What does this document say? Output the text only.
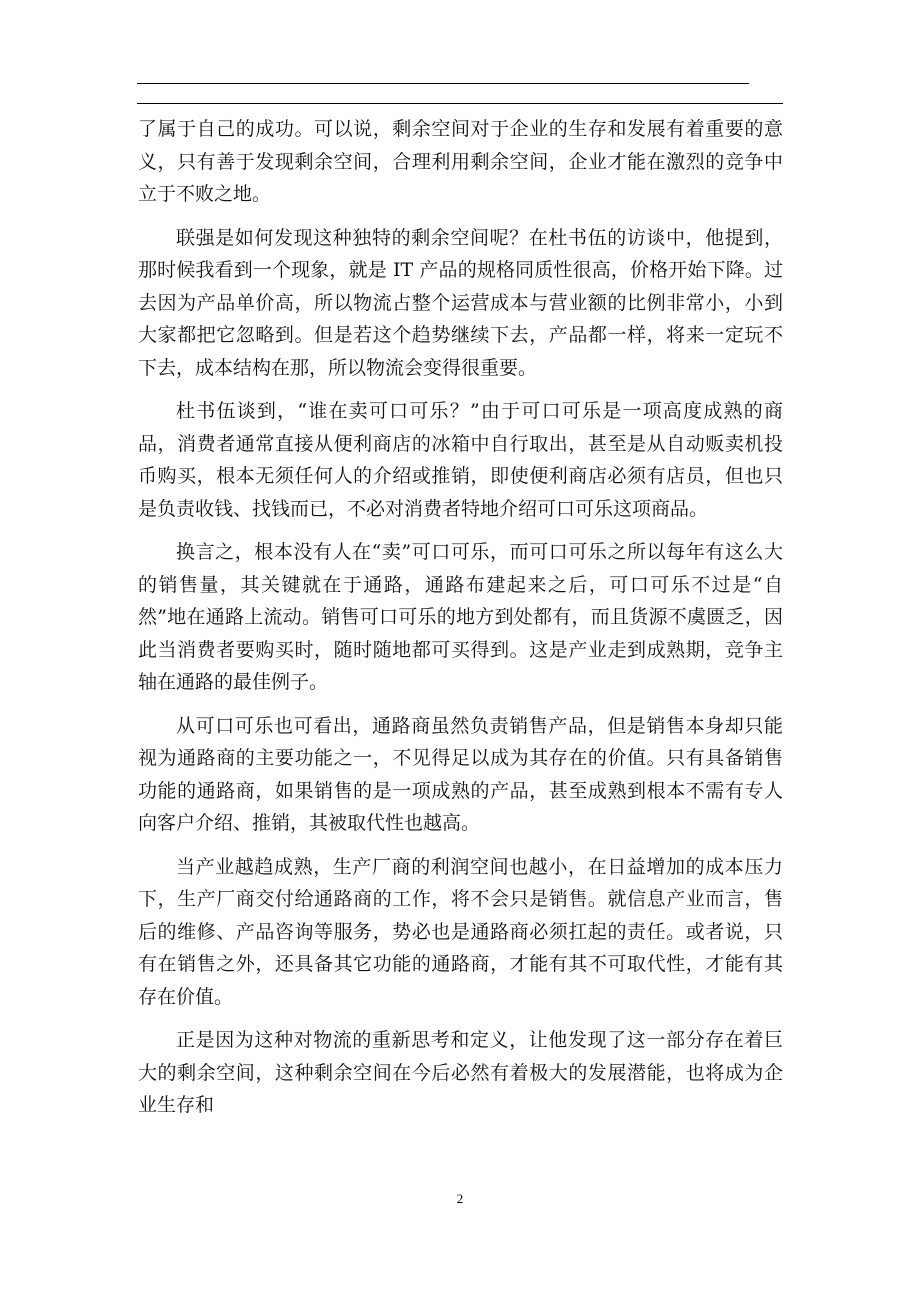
了属于自己的成功。可以说，剩余空间对于企业的生存和发展有着重要的意义，只有善于发现剩余空间，合理利用剩余空间，企业才能在激烈的竞争中立于不败之地。

联强是如何发现这种独特的剩余空间呢？在杜书伍的访谈中，他提到，那时候我看到一个现象，就是 IT 产品的规格同质性很高，价格开始下降。过去因为产品单价高，所以物流占整个运营成本与营业额的比例非常小，小到大家都把它忽略到。但是若这个趋势继续下去，产品都一样，将来一定玩不下去，成本结构在那，所以物流会变得很重要。

杜书伍谈到，“谁在卖可口可乐？”由于可口可乐是一项高度成熟的商品，消费者通常直接从便利商店的冰箱中自行取出，甚至是从自动贩卖机投币购买，根本无须任何人的介绍或推销，即使便利商店必须有店员，但也只是负责收钱、找钱而已，不必对消费者特地介绍可口可乐这项商品。

换言之，根本没有人在“卖”可口可乐，而可口可乐之所以每年有这么大的销售量，其关键就在于通路，通路布建起来之后，可口可乐不过是“自然”地在通路上流动。销售可口可乐的地方到处都有，而且货源不虞匮乏，因此当消费者要购买时，随时随地都可买得到。这是产业走到成熟期，竞争主轴在通路的最佳例子。

从可口可乐也可看出，通路商虽然负责销售产品，但是销售本身却只能视为通路商的主要功能之一，不见得足以成为其存在的价值。只有具备销售功能的通路商，如果销售的是一项成熟的产品，甚至成熟到根本不需有专人向客户介绍、推销，其被取代性也越高。

当产业越趋成熟，生产厂商的利润空间也越小，在日益增加的成本压力下，生产厂商交付给通路商的工作，将不会只是销售。就信息产业而言，售后的维修、产品咨询等服务，势必也是通路商必须扛起的责任。或者说，只有在销售之外，还具备其它功能的通路商，才能有其不可取代性，才能有其存在价值。

正是因为这种对物流的重新思考和定义，让他发现了这一部分存在着巨大的剩余空间，这种剩余空间在今后必然有着极大的发展潜能，也将成为企业生存和

2
